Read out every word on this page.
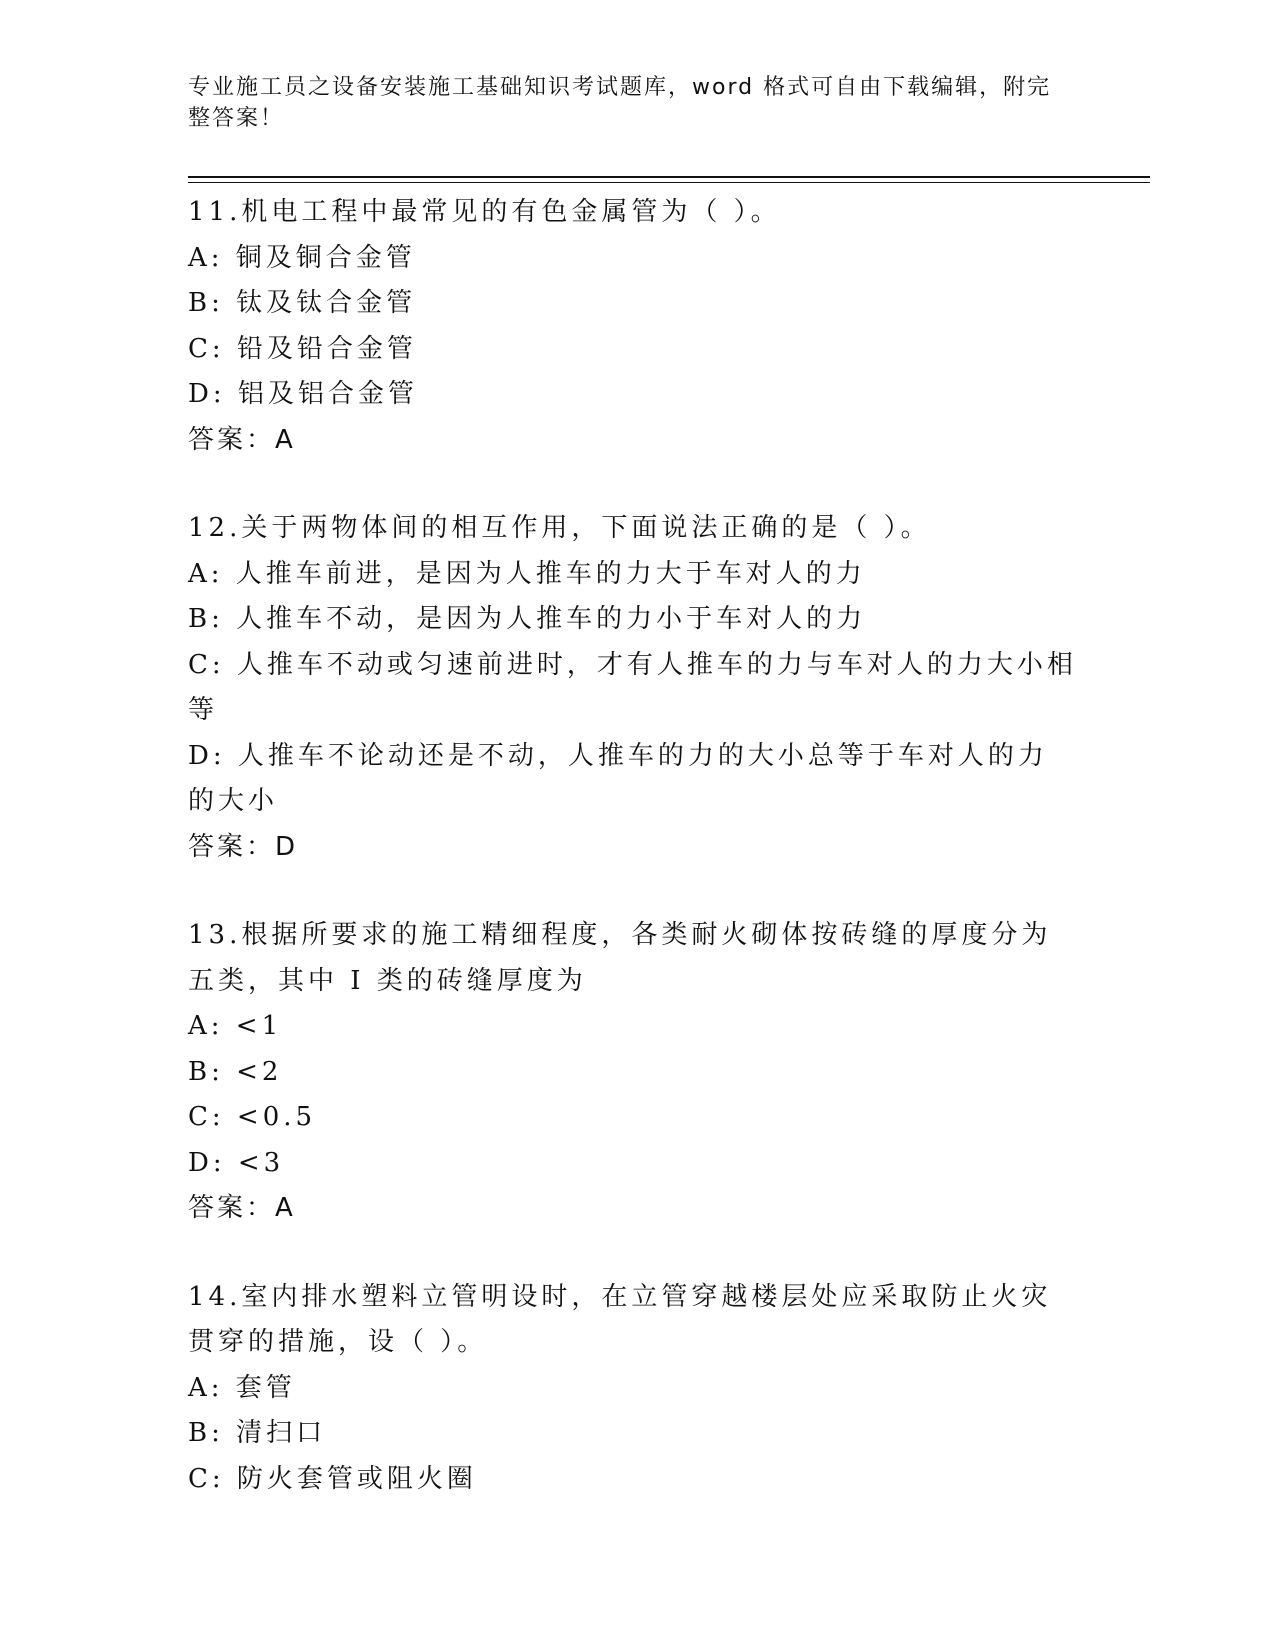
专业施工员之设备安装施工基础知识考试题库，word 格式可自由下载编辑，附完
整答案！
11.机电工程中最常见的有色金属管为（ ）。
A: 铜及铜合金管
B: 钛及钛合金管
C: 铅及铅合金管
D: 铝及铝合金管
答案：A
12.关于两物体间的相互作用，下面说法正确的是（ ）。
A: 人推车前进，是因为人推车的力大于车对人的力
B: 人推车不动，是因为人推车的力小于车对人的力
C: 人推车不动或匀速前进时，才有人推车的力与车对人的力大小相等
D: 人推车不论动还是不动，人推车的力的大小总等于车对人的力的大小
答案：D
13.根据所要求的施工精细程度，各类耐火砌体按砖缝的厚度分为五类，其中 I 类的砖缝厚度为
A: <1
B: <2
C: <0.5
D: <3
答案：A
14.室内排水塑料立管明设时，在立管穿越楼层处应采取防止火灾贯穿的措施，设（ ）。
A: 套管
B: 清扫口
C: 防火套管或阻火圈
